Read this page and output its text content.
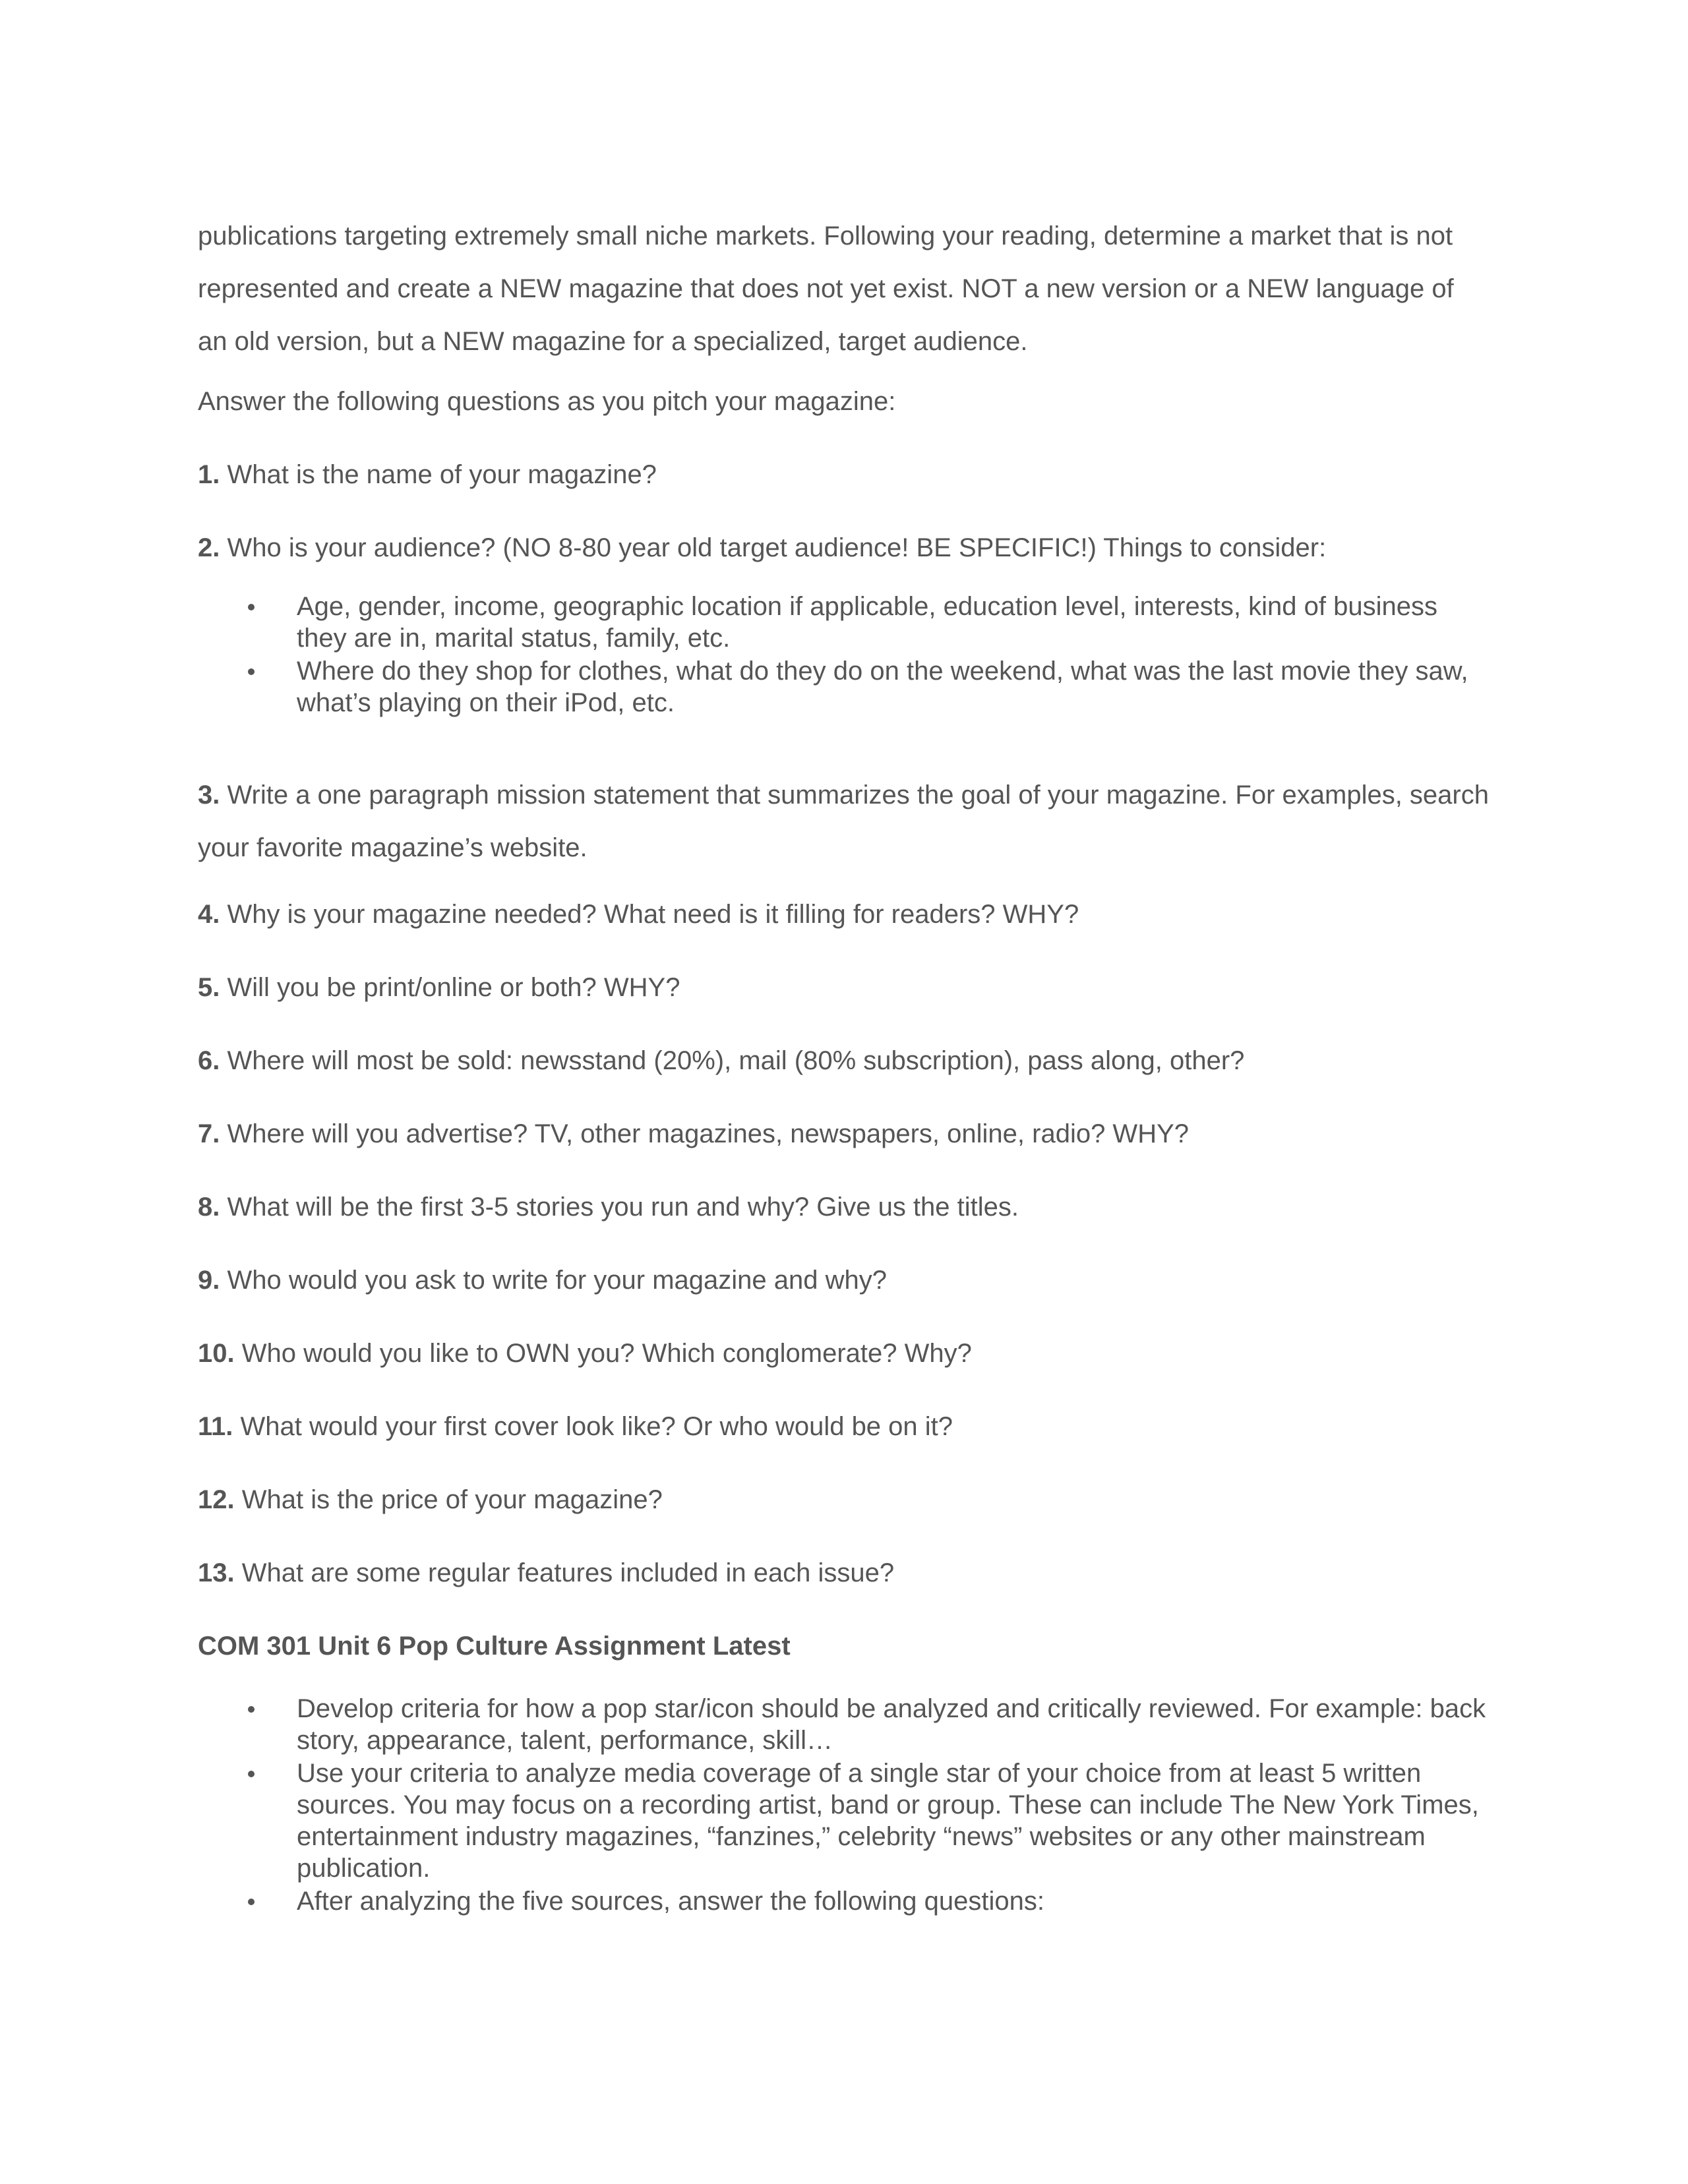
publications targeting extremely small niche markets. Following your reading, determine a market that is not represented and create a NEW magazine that does not yet exist. NOT a new version or a NEW language of an old version, but a NEW magazine for a specialized, target audience.

Answer the following questions as you pitch your magazine:

1. What is the name of your magazine?

2. Who is your audience? (NO 8-80 year old target audience! BE SPECIFIC!) Things to consider:

Age, gender, income, geographic location if applicable, education level, interests, kind of business they are in, marital status, family, etc.
Where do they shop for clothes, what do they do on the weekend, what was the last movie they saw, what’s playing on their iPod, etc.

3. Write a one paragraph mission statement that summarizes the goal of your magazine. For examples, search your favorite magazine’s website.

4. Why is your magazine needed? What need is it filling for readers? WHY?

5. Will you be print/online or both? WHY?

6. Where will most be sold: newsstand (20%), mail (80% subscription), pass along, other?

7. Where will you advertise? TV, other magazines, newspapers, online, radio? WHY?

8. What will be the first 3-5 stories you run and why? Give us the titles.

9. Who would you ask to write for your magazine and why?

10. Who would you like to OWN you? Which conglomerate? Why?

11. What would your first cover look like? Or who would be on it?

12. What is the price of your magazine?

13. What are some regular features included in each issue?

COM 301 Unit 6 Pop Culture Assignment Latest

Develop criteria for how a pop star/icon should be analyzed and critically reviewed. For example: back story, appearance, talent, performance, skill…
Use your criteria to analyze media coverage of a single star of your choice from at least 5 written sources. You may focus on a recording artist, band or group. These can include The New York Times, entertainment industry magazines, “fanzines,” celebrity “news” websites or any other mainstream publication.
After analyzing the five sources, answer the following questions:
